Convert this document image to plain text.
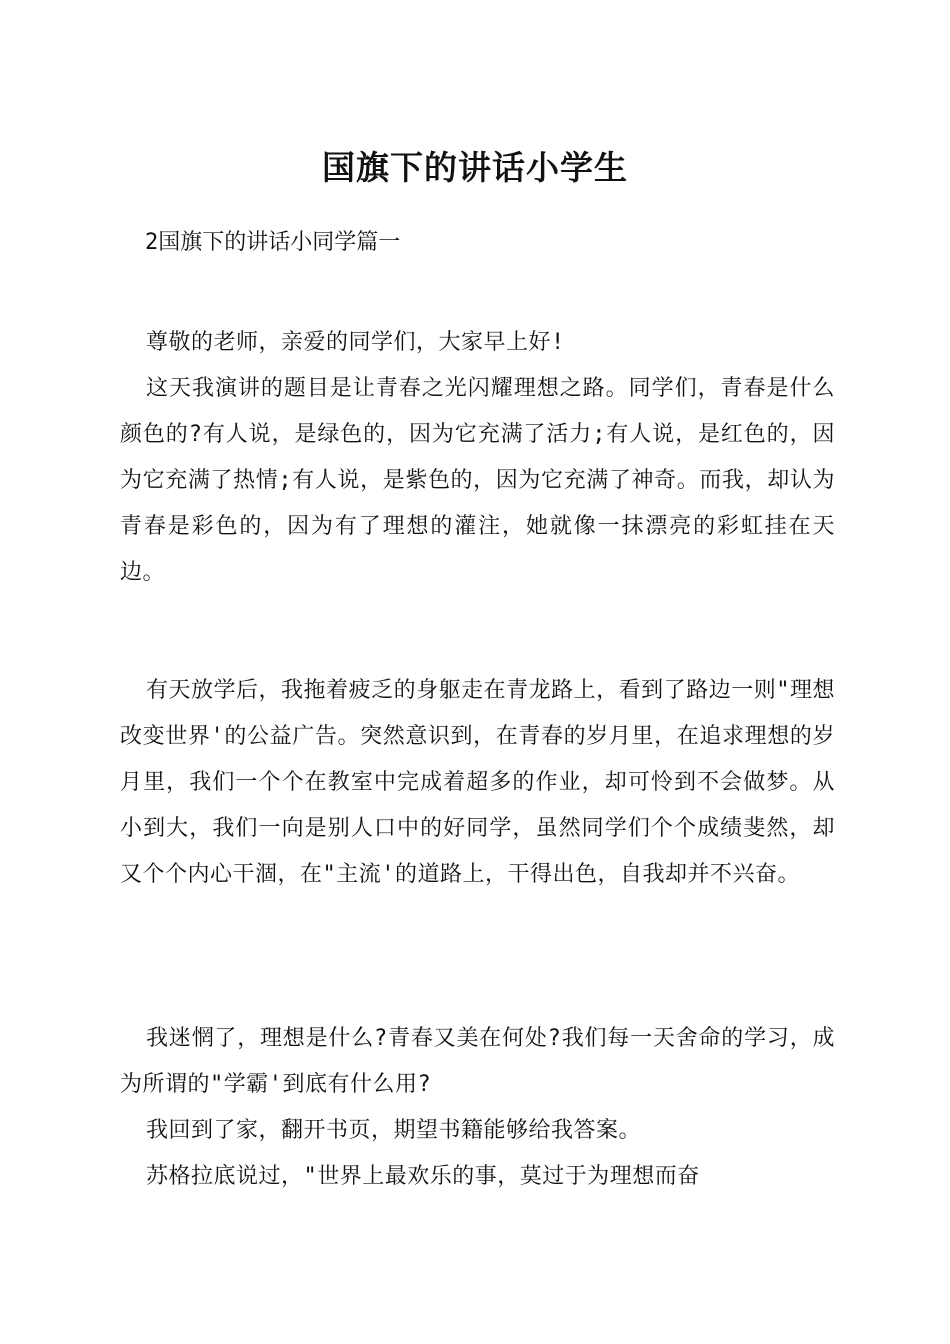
国旗下的讲话小学生

2国旗下的讲话小同学篇一

尊敬的老师，亲爱的同学们，大家早上好!

这天我演讲的题目是让青春之光闪耀理想之路。同学们，青春是什么颜色的?有人说，是绿色的，因为它充满了活力;有人说，是红色的，因为它充满了热情;有人说，是紫色的，因为它充满了神奇。而我，却认为青春是彩色的，因为有了理想的灌注，她就像一抹漂亮的彩虹挂在天边。

有天放学后，我拖着疲乏的身躯走在青龙路上，看到了路边一则"理想改变世界'的公益广告。突然意识到，在青春的岁月里，在追求理想的岁月里，我们一个个在教室中完成着超多的作业，却可怜到不会做梦。从小到大，我们一向是别人口中的好同学，虽然同学们个个成绩斐然，却又个个内心干涸，在"主流'的道路上，干得出色，自我却并不兴奋。

我迷惘了，理想是什么?青春又美在何处?我们每一天舍命的学习，成为所谓的"学霸'到底有什么用?

我回到了家，翻开书页，期望书籍能够给我答案。

苏格拉底说过，"世界上最欢乐的事，莫过于为理想而奋
